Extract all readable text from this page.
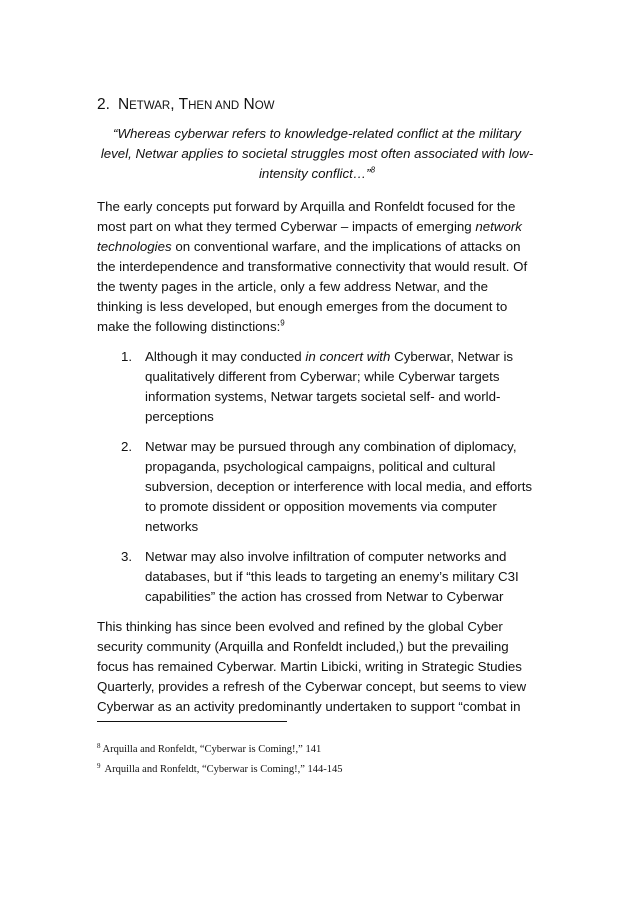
2. NETWAR, THEN AND NOW

“Whereas cyberwar refers to knowledge-related conflict at the military level, Netwar applies to societal struggles most often associated with low-intensity conflict…”$^8$

The early concepts put forward by Arquilla and Ronfeldt focused for the most part on what they termed Cyberwar – impacts of emerging network technologies on conventional warfare, and the implications of attacks on the interdependence and transformative connectivity that would result. Of the twenty pages in the article, only a few address Netwar, and the thinking is less developed, but enough emerges from the document to make the following distinctions:$^9$

1. Although it may conducted in concert with Cyberwar, Netwar is qualitatively different from Cyberwar; while Cyberwar targets information systems, Netwar targets societal self- and world-perceptions
2. Netwar may be pursued through any combination of diplomacy, propaganda, psychological campaigns, political and cultural subversion, deception or interference with local media, and efforts to promote dissident or opposition movements via computer networks
3. Netwar may also involve infiltration of computer networks and databases, but if “this leads to targeting an enemy’s military C3I capabilities” the action has crossed from Netwar to Cyberwar

This thinking has since been evolved and refined by the global Cyber security community (Arquilla and Ronfeldt included,) but the prevailing focus has remained Cyberwar. Martin Libicki, writing in Strategic Studies Quarterly, provides a refresh of the Cyberwar concept, but seems to view Cyberwar as an activity predominantly undertaken to support “combat in

$^8$ Arquilla and Ronfeldt, “Cyberwar is Coming!,” 141
$^9$ Arquilla and Ronfeldt, “Cyberwar is Coming!,” 144-145
